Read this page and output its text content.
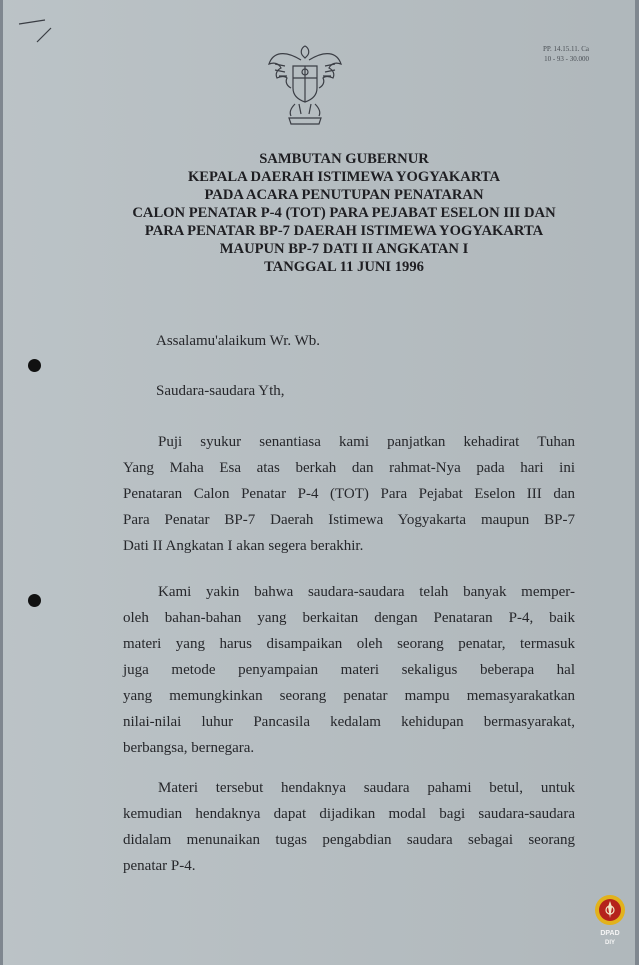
PP. 14.15.11. Ca
10 - 93 - 30.000
SAMBUTAN GUBERNUR
KEPALA DAERAH ISTIMEWA YOGYAKARTA
PADA ACARA PENUTUPAN PENATARAN
CALON PENATAR P-4 (TOT) PARA PEJABAT ESELON III DAN
PARA PENATAR BP-7 DAERAH ISTIMEWA YOGYAKARTA
MAUPUN BP-7 DATI II ANGKATAN I
TANGGAL 11 JUNI 1996
Assalamu'alaikum Wr. Wb.
Saudara-saudara Yth,
Puji syukur senantiasa kami panjatkan kehadirat Tuhan
Yang Maha Esa atas berkah dan rahmat-Nya pada hari ini
Penataran Calon Penatar P-4 (TOT) Para Pejabat Eselon III dan
Para Penatar BP-7 Daerah Istimewa Yogyakarta maupun BP-7
Dati II Angkatan I akan segera berakhir.
Kami yakin bahwa saudara-saudara telah banyak memper-
oleh bahan-bahan yang berkaitan dengan Penataran P-4, baik
materi yang harus disampaikan oleh seorang penatar, termasuk
juga metode penyampaian materi sekaligus beberapa hal
yang memungkinkan seorang penatar mampu memasyarakatkan
nilai-nilai luhur Pancasila kedalam kehidupan bermasyarakat,
berbangsa, bernegara.
Materi tersebut hendaknya saudara pahami betul, untuk
kemudian hendaknya dapat dijadikan modal bagi saudara-saudara
didalam menunaikan tugas pengabdian saudara sebagai seorang
penatar P-4.
DPAD
DIY
